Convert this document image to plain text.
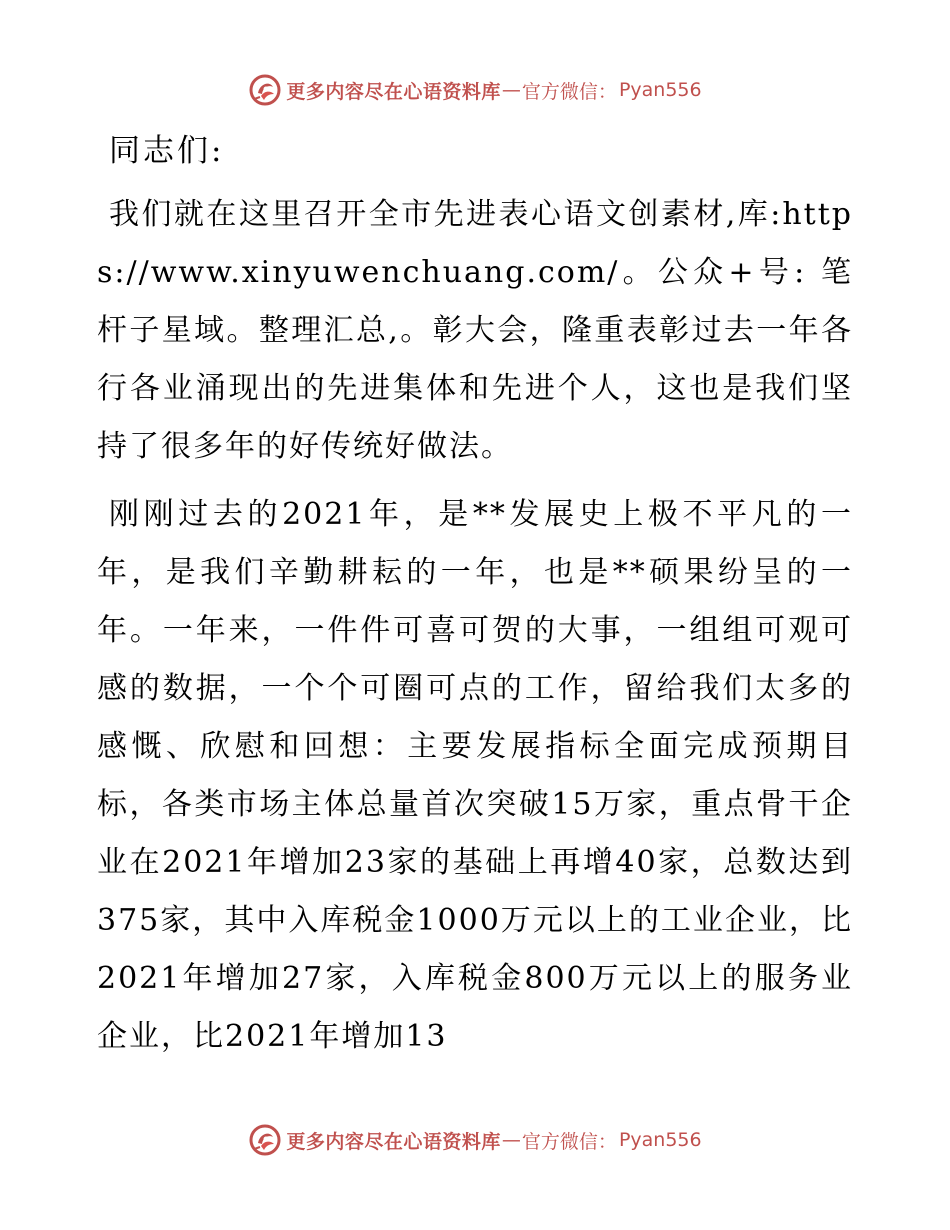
更多内容尽在心语资料库 — 官方微信： Pyan556

同志们:

我们就在这里召开全市先进表心语文创素材,库:https://www.xinyuwenchuang.com/。公众+号: 笔杆子星域。整理汇总,。彰大会，隆重表彰过去一年各行各业涌现出的先进集体和先进个人，这也是我们坚持了很多年的好传统好做法。

刚刚过去的2021年，是**发展史上极不平凡的一年，是我们辛勤耕耘的一年，也是**硕果纷呈的一年。一年来，一件件可喜可贺的大事，一组组可观可感的数据，一个个可圈可点的工作，留给我们太多的感慨、欣慰和回想：主要发展指标全面完成预期目标，各类市场主体总量首次突破15万家，重点骨干企业在2021年增加23家的基础上再增40家，总数达到375家，其中入库税金1000万元以上的工业企业，比2021年增加27家，入库税金800万元以上的服务业企业，比2021年增加13

更多内容尽在心语资料库 — 官方微信： Pyan556
